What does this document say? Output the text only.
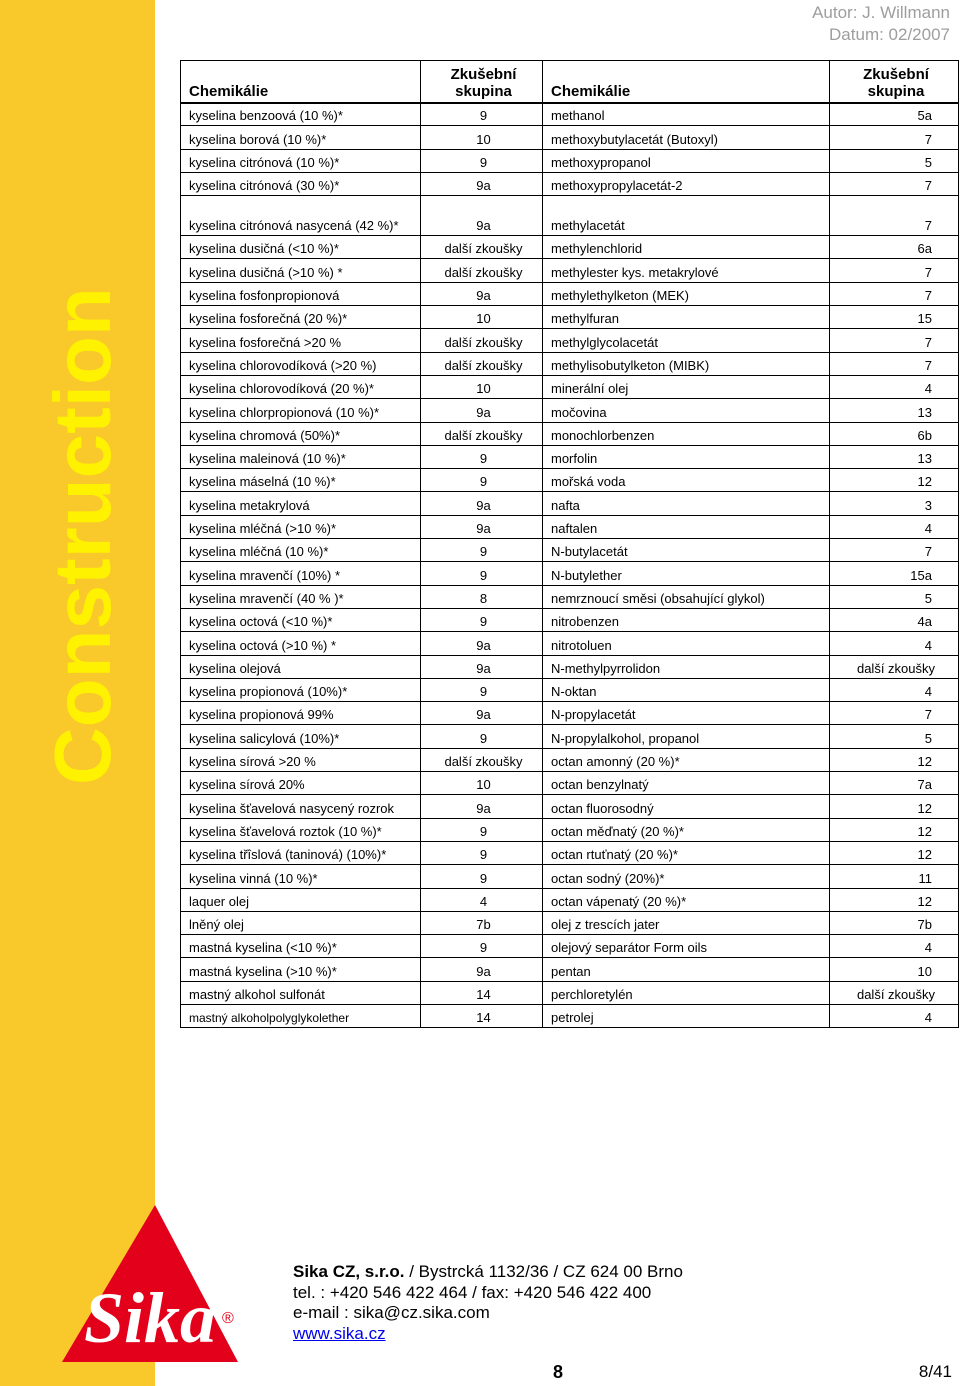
Construction
Autor: J. Willmann
Datum: 02/2007
Chemikálie	Zkušební skupina	Chemikálie	Zkušební skupina
kyselina benzoová (10 %)*	9	methanol	5a
kyselina borová (10 %)*	10	methoxybutylacetát (Butoxyl)	7
kyselina citrónová (10 %)*	9	methoxypropanol	5
kyselina citrónová (30 %)*	9a	methoxypropylacetát-2	7
kyselina citrónová nasycená (42 %)*	9a	methylacetát	7
kyselina dusičná (<10 %)*	další zkoušky	methylenchlorid	6a
kyselina dusičná (>10 %) *	další zkoušky	methylester kys. metakrylové	7
kyselina fosfonpropionová	9a	methylethylketon (MEK)	7
kyselina fosforečná (20 %)*	10	methylfuran	15
kyselina fosforečná >20 %	další zkoušky	methylglycolacetát	7
kyselina chlorovodíková (>20 %)	další zkoušky	methylisobutylketon (MIBK)	7
kyselina chlorovodíková (20 %)*	10	minerální olej	4
kyselina chlorpropionová (10 %)*	9a	močovina	13
kyselina chromová (50%)*	další zkoušky	monochlorbenzen	6b
kyselina maleinová (10 %)*	9	morfolin	13
kyselina máselná (10 %)*	9	mořská voda	12
kyselina metakrylová	9a	nafta	3
kyselina mléčná (>10 %)*	9a	naftalen	4
kyselina mléčná (10 %)*	9	N-butylacetát	7
kyselina mravenčí (10%) *	9	N-butylether	15a
kyselina mravenčí (40 % )*	8	nemrznoucí směsi (obsahující glykol)	5
kyselina octová (<10 %)*	9	nitrobenzen	4a
kyselina octová (>10 %) *	9a	nitrotoluen	4
kyselina olejová	9a	N-methylpyrrolidon	další zkoušky
kyselina propionová (10%)*	9	N-oktan	4
kyselina propionová 99%	9a	N-propylacetát	7
kyselina salicylová (10%)*	9	N-propylalkohol, propanol	5
kyselina sírová >20 %	další zkoušky	octan amonný (20 %)*	12
kyselina sírová 20%	10	octan benzylnatý	7a
kyselina šťavelová nasycený rozrok	9a	octan fluorosodný	12
kyselina šťavelová roztok (10 %)*	9	octan měďnatý (20 %)*	12
kyselina třîslová (taninová) (10%)*	9	octan rtuťnatý (20 %)*	12
kyselina vinná (10 %)*	9	octan sodný (20%)*	11
laquer olej	4	octan vápenatý (20 %)*	12
lněný olej	7b	olej z trescích jater	7b
mastná kyselina (<10 %)*	9	olejový separátor Form oils	4
mastná kyselina (>10 %)*	9a	pentan	10
mastný alkohol sulfonát	14	perchloretylén	další zkoušky
mastný alkoholpolyglykolether	14	petrolej	4
Sika ®
Sika CZ, s.r.o. / Bystrcká 1132/36 / CZ 624 00 Brno
tel. : +420 546 422 464 / fax: +420 546 422 400
e-mail : sika@cz.sika.com
www.sika.cz
8	8/41
